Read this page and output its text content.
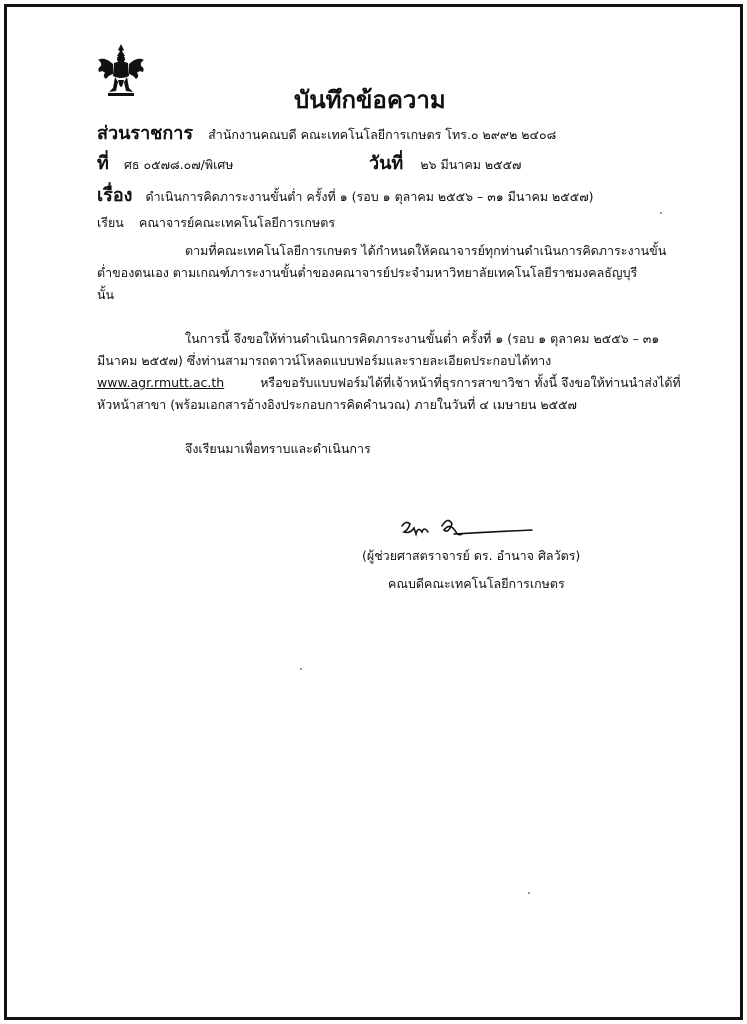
บันทึกข้อความ
ส่วนราชการ สำนักงานคณบดี คณะเทคโนโลยีการเกษตร โทร.๐ ๒๙๙๒ ๒๔๐๘
ที่ ศธ ๐๕๗๘.๐๗/พิเศษ	วันที่ ๒๖ มีนาคม ๒๕๕๗
เรื่อง ดำเนินการคิดภาระงานขั้นต่ำ ครั้งที่ ๑ (รอบ ๑ ตุลาคม ๒๕๕๖ – ๓๑ มีนาคม ๒๕๕๗)
เรียน คณาจารย์คณะเทคโนโลยีการเกษตร
ตามที่คณะเทคโนโลยีการเกษตร ได้กำหนดให้คณาจารย์ทุกท่านดำเนินการคิดภาระงานขั้น
ต่ำของตนเอง ตามเกณฑ์ภาระงานขั้นต่ำของคณาจารย์ประจำมหาวิทยาลัยเทคโนโลยีราชมงคลธัญบุรี
นั้น
ในการนี้ จึงขอให้ท่านดำเนินการคิดภาระงานขั้นต่ำ ครั้งที่ ๑ (รอบ ๑ ตุลาคม ๒๕๕๖ – ๓๑
มีนาคม ๒๕๕๗) ซึ่งท่านสามารถดาวน์โหลดแบบฟอร์มและรายละเอียดประกอบได้ทาง
www.agr.rmutt.ac.th	หรือขอรับแบบฟอร์มได้ที่เจ้าหน้าที่ธุรการสาขาวิชา ทั้งนี้ จึงขอให้ท่านนำส่งได้ที่
หัวหน้าสาขา (พร้อมเอกสารอ้างอิงประกอบการคิดคำนวณ) ภายในวันที่ ๔ เมษายน ๒๕๕๗
จึงเรียนมาเพื่อทราบและดำเนินการ
(ผู้ช่วยศาสตราจารย์ ดร. อำนาจ ศิลวัตร)
คณบดีคณะเทคโนโลยีการเกษตร
